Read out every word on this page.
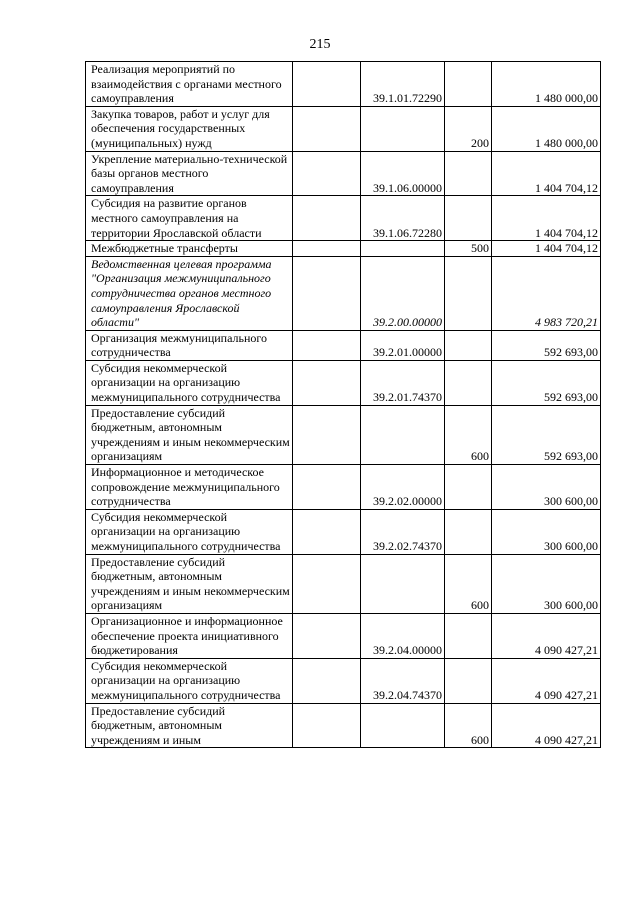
215
Реализация мероприятий по взаимодействия с органами местного самоуправления		39.1.01.72290		1 480 000,00
Закупка товаров, работ и услуг для обеспечения государственных (муниципальных) нужд			200	1 480 000,00
Укрепление материально-технической базы органов местного самоуправления		39.1.06.00000		1 404 704,12
Субсидия на развитие органов местного самоуправления на территории Ярославской области		39.1.06.72280		1 404 704,12
Межбюджетные трансферты			500	1 404 704,12
Ведомственная целевая программа "Организация межмуниципального сотрудничества органов местного самоуправления Ярославской области"		39.2.00.00000		4 983 720,21
Организация межмуниципального сотрудничества		39.2.01.00000		592 693,00
Субсидия некоммерческой организации на организацию межмуниципального сотрудничества		39.2.01.74370		592 693,00
Предоставление субсидий бюджетным, автономным учреждениям и иным некоммерческим организациям			600	592 693,00
Информационное и методическое сопровождение межмуниципального сотрудничества		39.2.02.00000		300 600,00
Субсидия некоммерческой организации на организацию межмуниципального сотрудничества		39.2.02.74370		300 600,00
Предоставление субсидий бюджетным, автономным учреждениям и иным некоммерческим организациям			600	300 600,00
Организационное и информационное обеспечение проекта инициативного бюджетирования		39.2.04.00000		4 090 427,21
Субсидия некоммерческой организации на организацию межмуниципального сотрудничества		39.2.04.74370		4 090 427,21
Предоставление субсидий бюджетным, автономным учреждениям и иным			600	4 090 427,21
